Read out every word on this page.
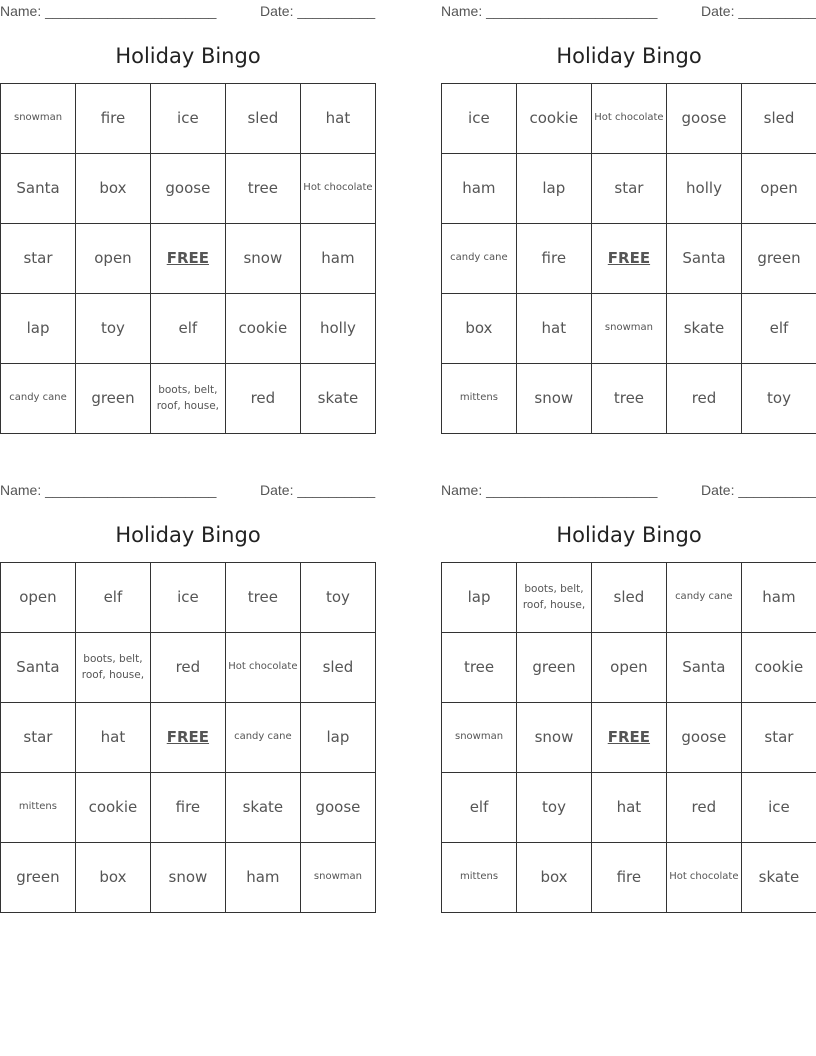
Name: ______________________	Date: __________
Holiday Bingo
snowman	fire	ice	sled	hat
Santa	box	goose	tree	Hot chocolate
star	open	FREE	snow	ham
lap	toy	elf	cookie	holly
candy cane	green	boots, belt, roof, house,	red	skate
Name: ______________________	Date: __________
Holiday Bingo
ice	cookie	Hot chocolate	goose	sled
ham	lap	star	holly	open
candy cane	fire	FREE	Santa	green
box	hat	snowman	skate	elf
mittens	snow	tree	red	toy
Name: ______________________	Date: __________
Holiday Bingo
open	elf	ice	tree	toy
Santa	boots, belt, roof, house,	red	Hot chocolate	sled
star	hat	FREE	candy cane	lap
mittens	cookie	fire	skate	goose
green	box	snow	ham	snowman
Name: ______________________	Date: __________
Holiday Bingo
lap	boots, belt, roof, house,	sled	candy cane	ham
tree	green	open	Santa	cookie
snowman	snow	FREE	goose	star
elf	toy	hat	red	ice
mittens	box	fire	Hot chocolate	skate
